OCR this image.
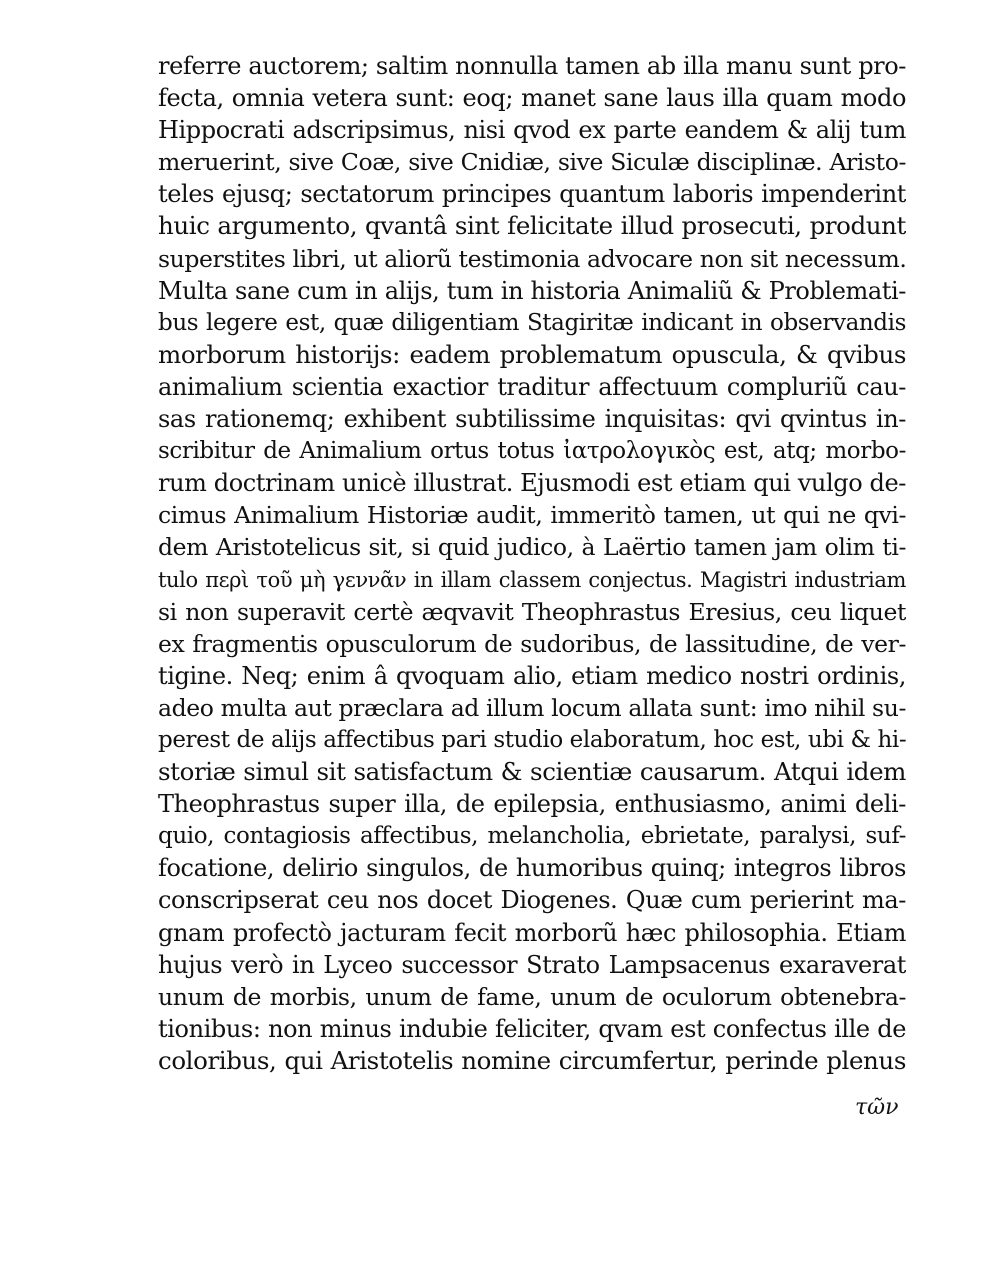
referre auctorem; saltim nonnulla tamen ab illa manu sunt pro-
fecta, omnia vetera sunt: eoq; manet sane laus illa quam modo
Hippocrati adscripsimus, nisi qvod ex parte eandem & alij tum
meruerint, sive Coæ, sive Cnidiæ, sive Siculæ disciplinæ. Aristo-
teles ejusq; sectatorum principes quantum laboris impenderint
huic argumento, qvantâ sint felicitate illud prosecuti, produnt
superstites libri, ut aliorũ testimonia advocare non sit necessum.
Multa sane cum in alijs, tum in historia Animaliũ & Problemati-
bus legere est, quæ diligentiam Stagiritæ indicant in observandis
morborum historijs: eadem problematum opuscula, & qvibus
animalium scientia exactior traditur affectuum compluriũ cau-
sas rationemq; exhibent subtilissime inquisitas: qvi qvintus in-
scribitur de Animalium ortus totus ἰατρολογικὸς est, atq; morbo-
rum doctrinam unicè illustrat. Ejusmodi est etiam qui vulgo de-
cimus Animalium Historiæ audit, immeritò tamen, ut qui ne qvi-
dem Aristotelicus sit, si quid judico, à Laërtio tamen jam olim ti-
tulo περὶ τοῦ μὴ γεννᾶν in illam classem conjectus. Magistri industriam
si non superavit certè æqvavit Theophrastus Eresius, ceu liquet
ex fragmentis opusculorum de sudoribus, de lassitudine, de ver-
tigine. Neq; enim â qvoquam alio, etiam medico nostri ordinis,
adeo multa aut præclara ad illum locum allata sunt: imo nihil su-
perest de alijs affectibus pari studio elaboratum, hoc est, ubi & hi-
storiæ simul sit satisfactum & scientiæ causarum. Atqui idem
Theophrastus super illa, de epilepsia, enthusiasmo, animi deli-
quio, contagiosis affectibus, melancholia, ebrietate, paralysi, suf-
focatione, delirio singulos, de humoribus quinq; integros libros
conscripserat ceu nos docet Diogenes. Quæ cum perierint ma-
gnam profectò jacturam fecit morborũ hæc philosophia. Etiam
hujus verò in Lyceo successor Strato Lampsacenus exaraverat
unum de morbis, unum de fame, unum de oculorum obtenebra-
tionibus: non minus indubie feliciter, qvam est confectus ille de
coloribus, qui Aristotelis nomine circumfertur, perinde plenus
τῶν
